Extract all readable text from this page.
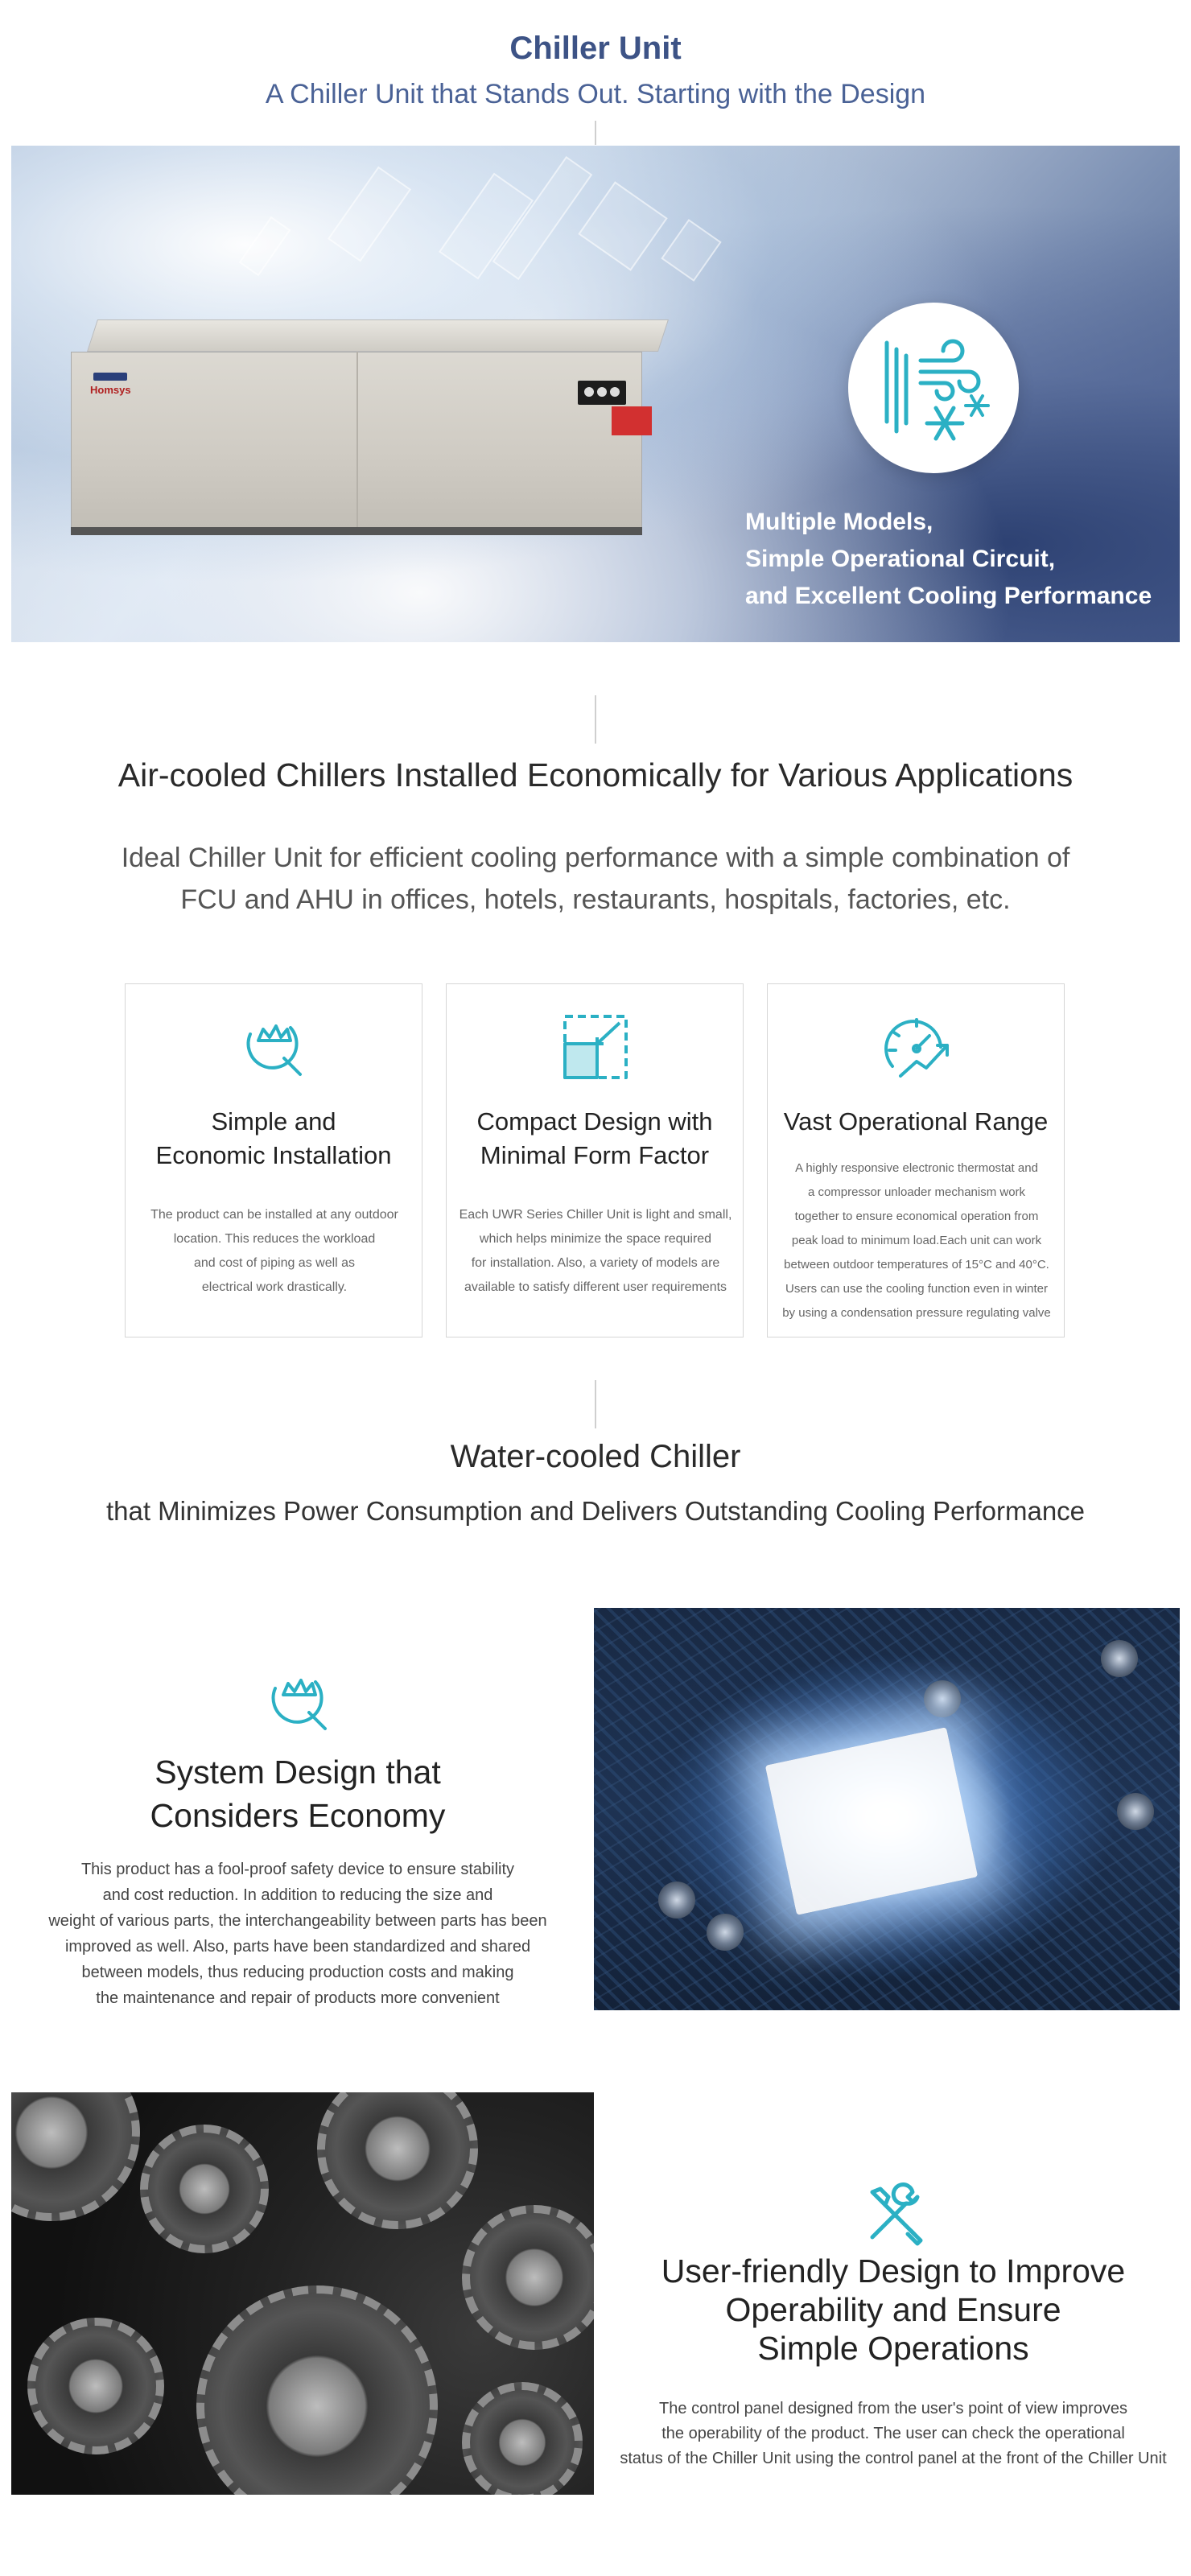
Chiller Unit
A Chiller Unit that Stands Out. Starting with the Design
Homsys
Multiple Models,
Simple Operational Circuit,
and Excellent Cooling Performance
Air-cooled Chillers Installed Economically for Various Applications
Ideal Chiller Unit for efficient cooling performance with a simple combination of
FCU and AHU in offices, hotels, restaurants, hospitals, factories, etc.
Simple and
Economic Installation
The product can be installed at any outdoor
location. This reduces the workload
and cost of piping as well as
electrical work drastically.
Compact Design with
Minimal Form Factor
Each UWR Series Chiller Unit is light and small,
which helps minimize the space required
for installation. Also, a variety of models are
available to satisfy different user requirements
Vast Operational Range
A highly responsive electronic thermostat and
a compressor unloader mechanism work
together to ensure economical operation from
peak load to minimum load.Each unit can work
between outdoor temperatures of 15°C and 40°C.
Users can use the cooling function even in winter
by using a condensation pressure regulating valve
Water-cooled Chiller
that Minimizes Power Consumption and Delivers Outstanding Cooling Performance
System Design that
Considers Economy
This product has a fool-proof safety device to ensure stability
and cost reduction. In addition to reducing the size and
weight of various parts, the interchangeability between parts has been
improved as well. Also, parts have been standardized and shared
between models, thus reducing production costs and making
the maintenance and repair of products more convenient
User-friendly Design to Improve
Operability and Ensure
Simple Operations
The control panel designed from the user's point of view improves
the operability of the product. The user can check the operational
status of the Chiller Unit using the control panel at the front of the Chiller Unit
